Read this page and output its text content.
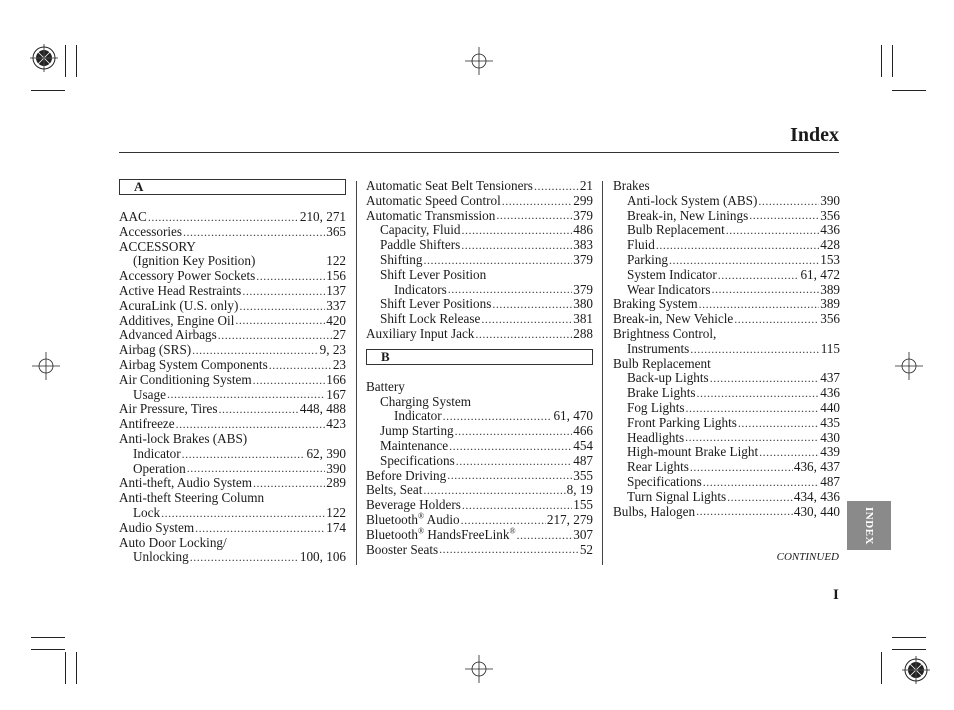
Index
A
AAC .....	210, 271
Accessories .....	365
ACCESSORY
(Ignition Key Position)	122
Accessory Power Sockets .....	156
Active Head Restraints .....	137
AcuraLink (U.S. only) .....	337
Additives, Engine Oil .....	420
Advanced Airbags .....	27
Airbag (SRS) .....	9, 23
Airbag System Components .....	23
Air Conditioning System .....	166
Usage .....	167
Air Pressure, Tires .....	448, 488
Antifreeze .....	423
Anti-lock Brakes (ABS)
Indicator .....	62, 390
Operation .....	390
Anti-theft, Audio System .....	289
Anti-theft Steering Column
Lock .....	122
Audio System .....	174
Auto Door Locking/
Unlocking .....	100, 106
Automatic Seat Belt Tensioners .....	21
Automatic Speed Control .....	299
Automatic Transmission .....	379
Capacity, Fluid .....	486
Paddle Shifters .....	383
Shifting .....	379
Shift Lever Position
Indicators .....	379
Shift Lever Positions .....	380
Shift Lock Release .....	381
Auxiliary Input Jack .....	288
B
Battery
Charging System
Indicator .....	61, 470
Jump Starting .....	466
Maintenance .....	454
Specifications .....	487
Before Driving .....	355
Belts, Seat .....	8, 19
Beverage Holders .....	155
Bluetooth® Audio .....	217, 279
Bluetooth® HandsFreeLink® .....	307
Booster Seats .....	52
Brakes
Anti-lock System (ABS) .....	390
Break-in, New Linings .....	356
Bulb Replacement .....	436
Fluid .....	428
Parking .....	153
System Indicator .....	61, 472
Wear Indicators .....	389
Braking System .....	389
Break-in, New Vehicle .....	356
Brightness Control,
Instruments .....	115
Bulb Replacement
Back-up Lights .....	437
Brake Lights .....	436
Fog Lights .....	440
Front Parking Lights .....	435
Headlights .....	430
High-mount Brake Light .....	439
Rear Lights .....	436, 437
Specifications .....	487
Turn Signal Lights .....	434, 436
Bulbs, Halogen .....	430, 440 INDEX
CONTINUED
I
